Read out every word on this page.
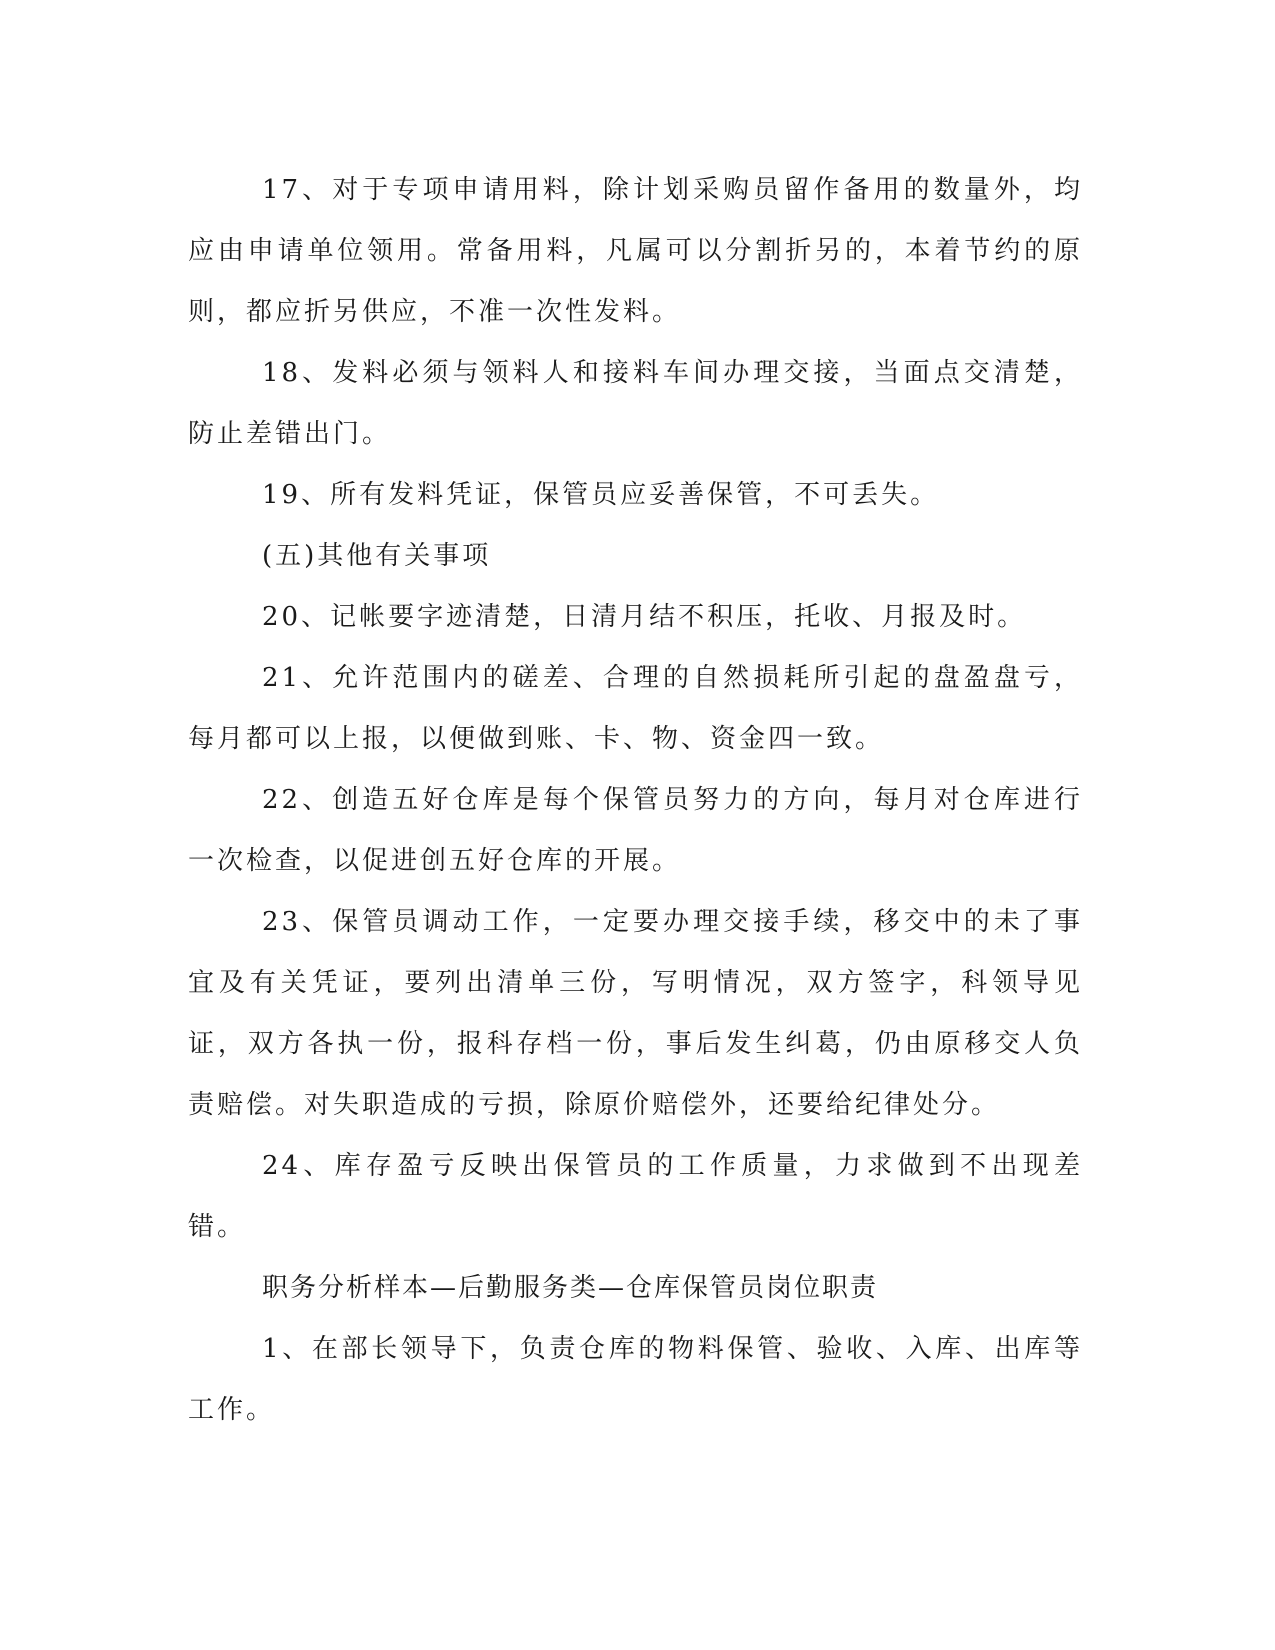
17、对于专项申请用料，除计划采购员留作备用的数量外，均应由申请单位领用。常备用料，凡属可以分割折另的，本着节约的原则，都应折另供应，不准一次性发料。

18、发料必须与领料人和接料车间办理交接，当面点交清楚，防止差错出门。

19、所有发料凭证，保管员应妥善保管，不可丢失。

(五)其他有关事项

20、记帐要字迹清楚，日清月结不积压，托收、月报及时。

21、允许范围内的磋差、合理的自然损耗所引起的盘盈盘亏，每月都可以上报，以便做到账、卡、物、资金四一致。

22、创造五好仓库是每个保管员努力的方向，每月对仓库进行一次检查，以促进创五好仓库的开展。

23、保管员调动工作，一定要办理交接手续，移交中的未了事宜及有关凭证，要列出清单三份，写明情况，双方签字，科领导见证，双方各执一份，报科存档一份，事后发生纠葛，仍由原移交人负责赔偿。对失职造成的亏损，除原价赔偿外，还要给纪律处分。

24、库存盈亏反映出保管员的工作质量，力求做到不出现差错。

职务分析样本—后勤服务类—仓库保管员岗位职责

1、在部长领导下，负责仓库的物料保管、验收、入库、出库等工作。
